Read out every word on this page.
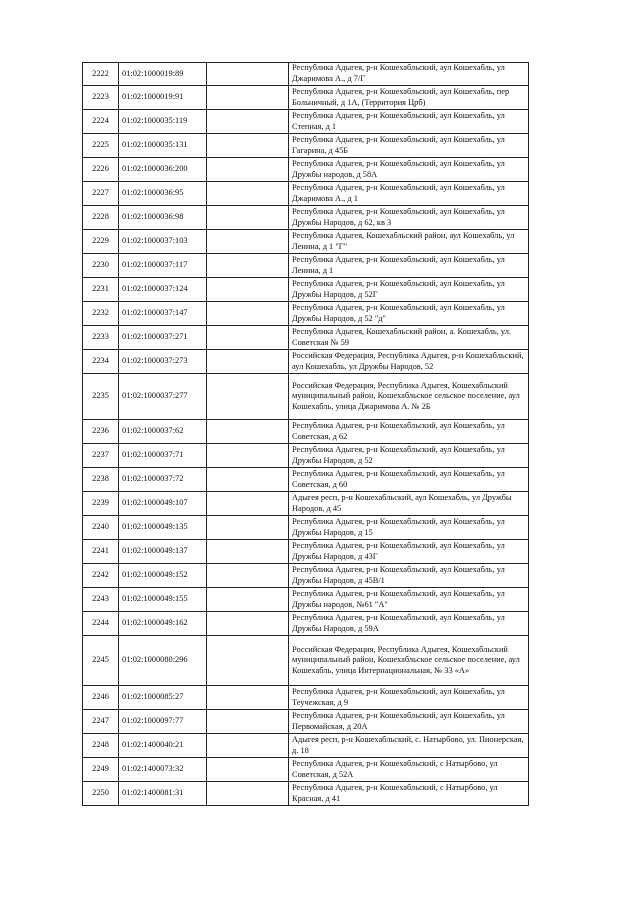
2222	01:02:1000019:89		Республика Адыгея, р-н Кошехабльский, аул Кошехабль, ул Джаримова А., д 7/Г
2223	01:02:1000019:91		Республика Адыгея, р-н Кошехабльский, аул Кошехабль, пер Больничный, д 1А, (Территория Црб)
2224	01:02:1000035:119		Республика Адыгея, р-н Кошехабльский, аул Кошехабль, ул Степная, д 1
2225	01:02:1000035:131		Республика Адыгея, р-н Кошехабльский, аул Кошехабль, ул Гагарина, д 45Б
2226	01:02:1000036:200		Республика Адыгея, р-н Кошехабльский, аул Кошехабль, ул Дружбы народов, д 58А
2227	01:02:1000036:95		Республика Адыгея, р-н Кошехабльский, аул Кошехабль, ул Джаримова А., д 1
2228	01:02:1000036:98		Республика Адыгея, р-н Кошехабльский, аул Кошехабль, ул Дружбы Народов, д 62, кв 3
2229	01:02:1000037:103		Республика Адыгея, Кошехабльский район, аул Кошехабль, ул Ленина, д 1 "Г"
2230	01:02:1000037:117		Республика Адыгея, р-н Кошехабльский, аул Кошехабль, ул Ленина, д 1
2231	01:02:1000037:124		Республика Адыгея, р-н Кошехабльский, аул Кошехабль, ул Дружбы Народов, д 52Г
2232	01:02:1000037:147		Республика Адыгея, р-н Кошехабльский, аул Кошехабль, ул Дружбы Народов, д 52 "д"
2233	01:02:1000037:271		Республика Адыгея, Кошехабльский район, а. Кошехабль, ул. Советская № 59
2234	01:02:1000037:273		Российская Федерация, Республика Адыгея, р-н Кошехабльский, аул Кошехабль, ул Дружбы Народов, 52
2235	01:02:1000037:277		Российская Федерация, Республика Адыгея, Кошехабльский муниципальный район, Кошехабльское сельское поселение, аул Кошехабль, улица Джаримова А. № 2Б
2236	01:02:1000037:62		Республика Адыгея, р-н Кошехабльский, аул Кошехабль, ул Советская, д 62
2237	01:02:1000037:71		Республика Адыгея, р-н Кошехабльский, аул Кошехабль, ул Дружбы Народов, д 52
2238	01:02:1000037:72		Республика Адыгея, р-н Кошехабльский, аул Кошехабль, ул Советская, д 60
2239	01:02:1000049:107		Адыгея респ, р-н Кошехабльский, аул Кошехабль, ул Дружбы Народов, д 45
2240	01:02:1000049:135		Республика Адыгея, р-н Кошехабльский, аул Кошехабль, ул Дружбы Народов, д 15
2241	01:02:1000049:137		Республика Адыгея, р-н Кошехабльский, аул Кошехабль, ул Дружбы Народов, д 43Г
2242	01:02:1000049:152		Республика Адыгея, р-н Кошехабльский, аул Кошехабль, ул Дружбы Народов, д 45В/1
2243	01:02:1000049:155		Республика Адыгея, р-н Кошехабльский, аул Кошехабль, ул Дружбы народов, №61 "А"
2244	01:02:1000049:162		Республика Адыгея, р-н Кошехабльский, аул Кошехабль, ул Дружбы Народов, д 59А
2245	01:02:1000080:296		Российская Федерация, Республика Адыгея, Кошехабльский муниципальный район, Кошехабльское сельское поселение, аул Кошехабль, улица Интернациональная, № 33 «А»
2246	01:02:1000085:27		Республика Адыгея, р-н Кошехабльский, аул Кошехабль, ул Теучежская, д 9
2247	01:02:1000097:77		Республика Адыгея, р-н Кошехабльский, аул Кошехабль, ул Первомайская, д 20А
2248	01:02:1400040:21		Адыгея респ, р-н Кошехабльский, с. Натырбово, ул. Пионерская, д. 18
2249	01:02:1400073:32		Республика Адыгея, р-н Кошехабльский, с Натырбово, ул Советская, д 52А
2250	01:02:1400081:31		Республика Адыгея, р-н Кошехабльский, с Натырбово, ул Красная, д 41
